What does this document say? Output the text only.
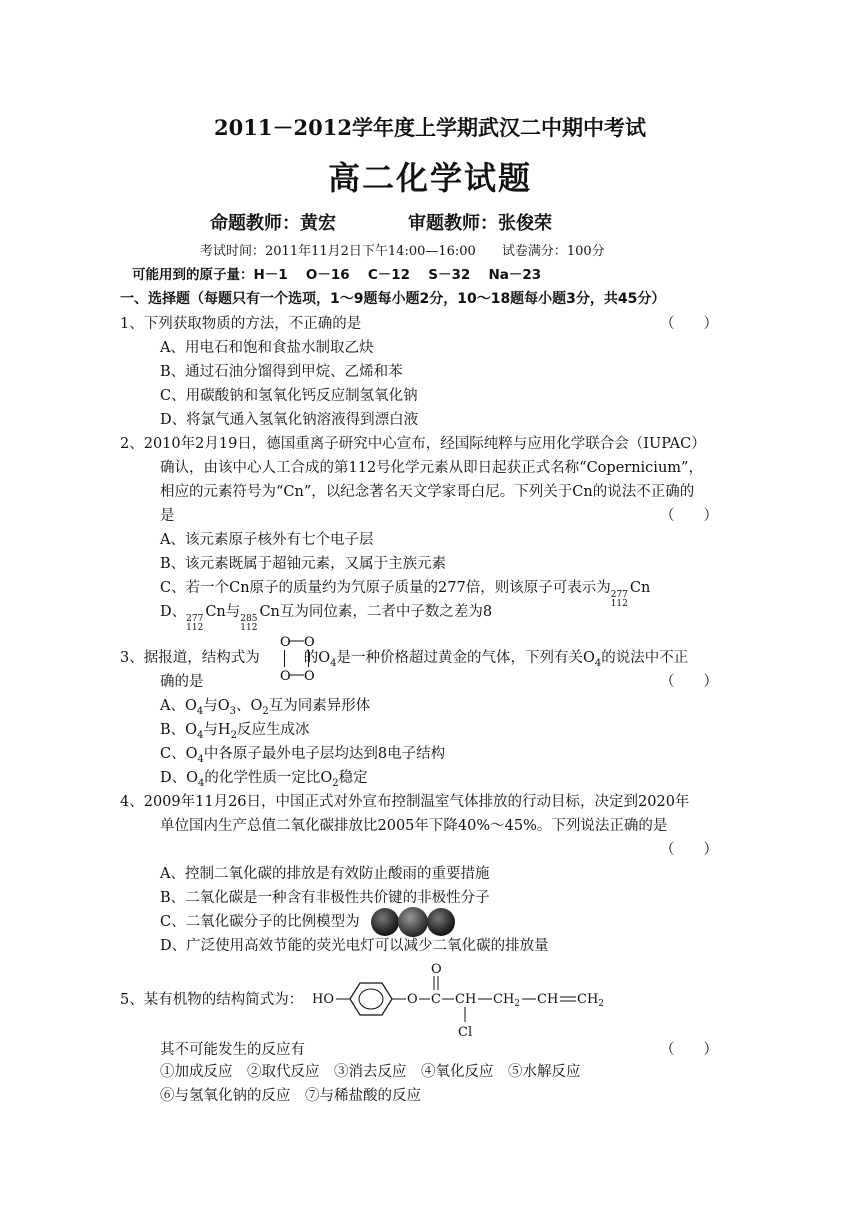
2011－2012学年度上学期武汉二中期中考试
高二化学试题
命题教师：黄宏　　　　审题教师：张俊荣
考试时间：2011年11月2日下午14:00—16:00　　试卷满分：100分
可能用到的原子量：H－1　 O－16　 C－12　 S－32　 Na－23
一、选择题（每题只有一个选项，1～9题每小题2分，10～18题每小题3分，共45分）
1、下列获取物质的方法，不正确的是	（　　）
A、用电石和饱和食盐水制取乙炔
B、通过石油分馏得到甲烷、乙烯和苯
C、用碳酸钠和氢氧化钙反应制氢氧化钠
D、将氯气通入氢氧化钠溶液得到漂白液
2、2010年2月19日，德国重离子研究中心宣布，经国际纯粹与应用化学联合会（IUPAC）
确认，由该中心人工合成的第112号化学元素从即日起获正式名称“Copernicium”，
相应的元素符号为“Cn”，以纪念著名天文学家哥白尼。下列关于Cn的说法不正确的
是	（　　）
A、该元素原子核外有七个电子层
B、该元素既属于超铀元素，又属于主族元素
C、若一个Cn原子的质量约为氕原子质量的277倍，则该原子可表示为 277
112
Cn
D、 277
112
Cn与 285
112
Cn互为同位素，二者中子数之差为8
3、据报道，结构式为	的$O_4$是一种价格超过黄金的气体，下列有关$O_4$的说法中不正
O O
O O
确的是	（　　）
A、$O_4$与$O_3$、$O_2$互为同素异形体
B、$O_4$与$H_2$反应生成冰
C、$O_4$中各原子最外电子层均达到8电子结构
D、$O_4$的化学性质一定比$O_2$稳定
4、2009年11月26日，中国正式对外宣布控制温室气体排放的行动目标，决定到2020年
单位国内生产总值二氧化碳排放比2005年下降40%～45%。下列说法正确的是
（　　）
A、控制二氧化碳的排放是有效防止酸雨的重要措施
B、二氧化碳是一种含有非极性共价键的非极性分子
C、二氧化碳分子的比例模型为
D、广泛使用高效节能的荧光电灯可以减少二氧化碳的排放量
5、某有机物的结构简式为： HO	O C
O
CH
Cl
$CH_2$ CH $CH_2$
其不可能发生的反应有	（　　）
①加成反应　②取代反应　③消去反应　④氧化反应　⑤水解反应
⑥与氢氧化钠的反应　⑦与稀盐酸的反应
